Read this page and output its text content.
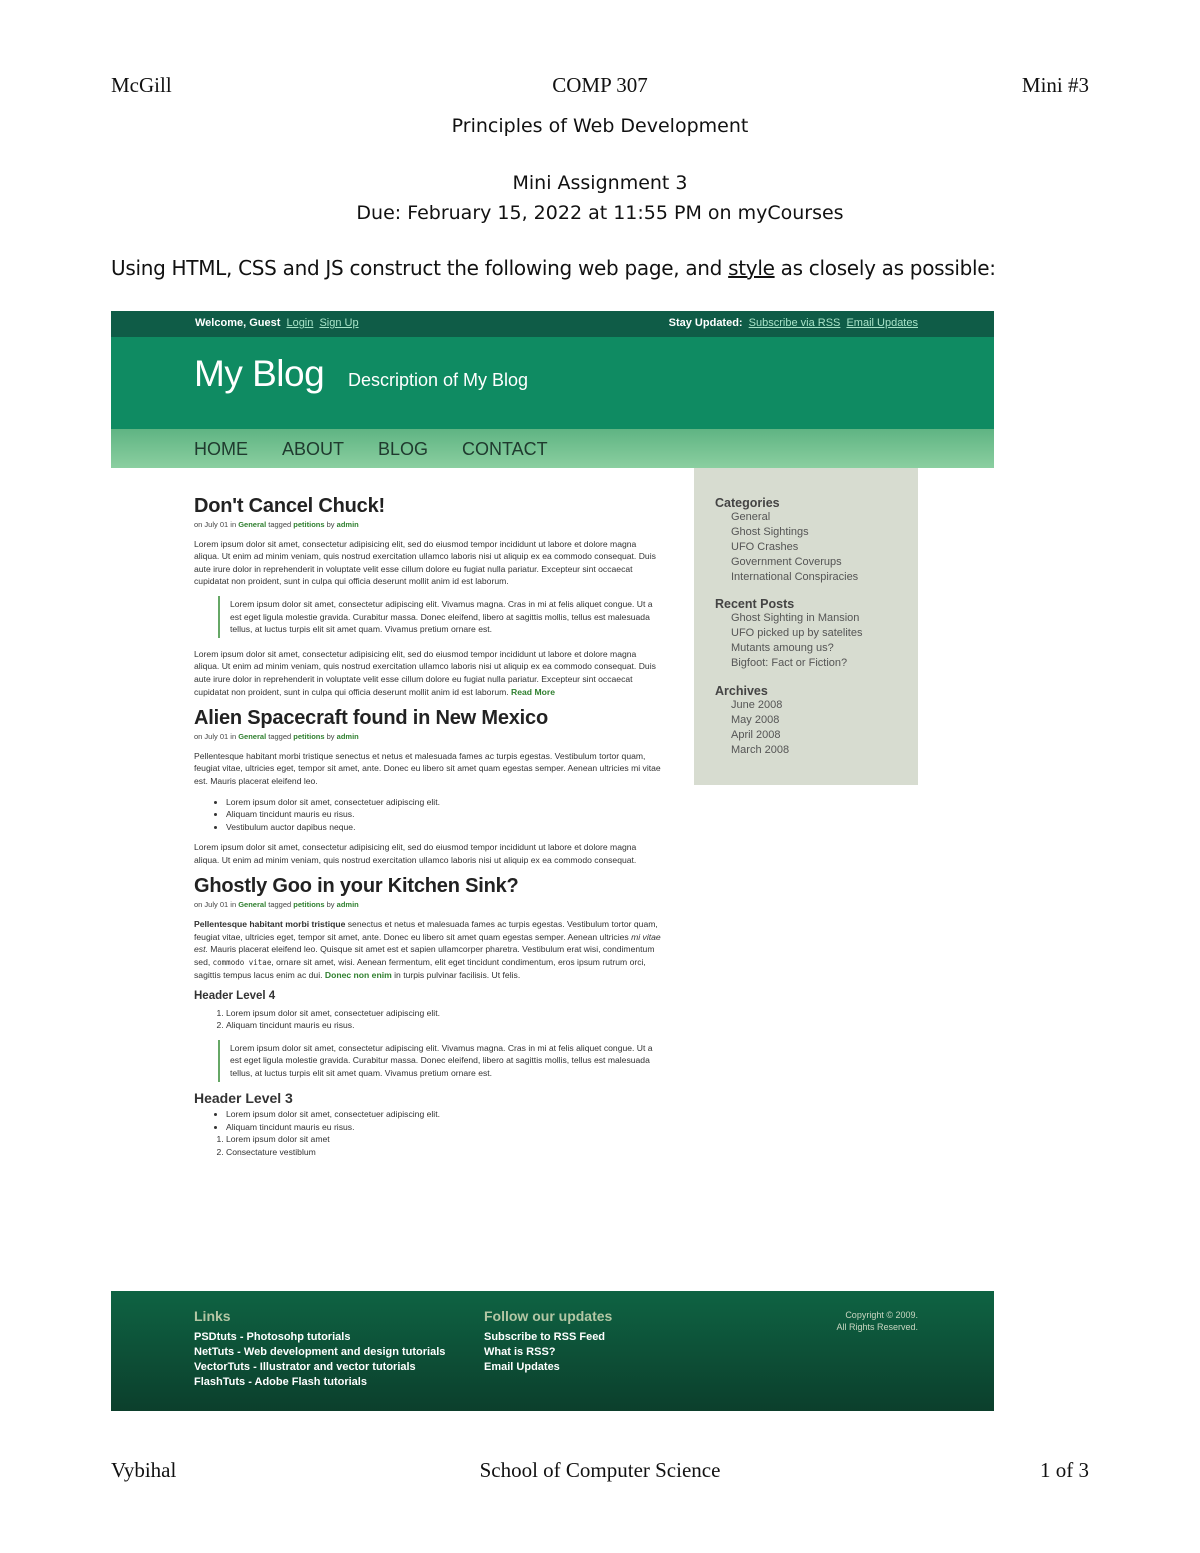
McGill	COMP 307	Mini #3
Principles of Web Development
Mini Assignment 3
Due: February 15, 2022 at 11:55 PM on myCourses
Using HTML, CSS and JS construct the following web page, and style as closely as possible:
Welcome, Guest Login Sign Up	Stay Updated: Subscribe via RSS Email Updates
My Blog Description of My Blog
HOME ABOUT BLOG CONTACT
Don't Cancel Chuck!
on July 01 in General tagged petitions by admin

Lorem ipsum dolor sit amet, consectetur adipisicing elit, sed do eiusmod tempor incididunt ut labore et dolore magna aliqua. Ut enim ad minim veniam, quis nostrud exercitation ullamco laboris nisi ut aliquip ex ea commodo consequat. Duis aute irure dolor in reprehenderit in voluptate velit esse cillum dolore eu fugiat nulla pariatur. Excepteur sint occaecat cupidatat non proident, sunt in culpa qui officia deserunt mollit anim id est laborum.

Lorem ipsum dolor sit amet, consectetur adipiscing elit. Vivamus magna. Cras in mi at felis aliquet congue. Ut a est eget ligula molestie gravida. Curabitur massa. Donec eleifend, libero at sagittis mollis, tellus est malesuada tellus, at luctus turpis elit sit amet quam. Vivamus pretium ornare est.

Lorem ipsum dolor sit amet, consectetur adipisicing elit, sed do eiusmod tempor incididunt ut labore et dolore magna aliqua. Ut enim ad minim veniam, quis nostrud exercitation ullamco laboris nisi ut aliquip ex ea commodo consequat. Duis aute irure dolor in reprehenderit in voluptate velit esse cillum dolore eu fugiat nulla pariatur. Excepteur sint occaecat cupidatat non proident, sunt in culpa qui officia deserunt mollit anim id est laborum. Read More

Alien Spacecraft found in New Mexico
on July 01 in General tagged petitions by admin

Pellentesque habitant morbi tristique senectus et netus et malesuada fames ac turpis egestas. Vestibulum tortor quam, feugiat vitae, ultricies eget, tempor sit amet, ante. Donec eu libero sit amet quam egestas semper. Aenean ultricies mi vitae est. Mauris placerat eleifend leo.

• Lorem ipsum dolor sit amet, consectetuer adipiscing elit.
• Aliquam tincidunt mauris eu risus.
• Vestibulum auctor dapibus neque.

Lorem ipsum dolor sit amet, consectetur adipisicing elit, sed do eiusmod tempor incididunt ut labore et dolore magna aliqua. Ut enim ad minim veniam, quis nostrud exercitation ullamco laboris nisi ut aliquip ex ea commodo consequat.

Ghostly Goo in your Kitchen Sink?
on July 01 in General tagged petitions by admin

Pellentesque habitant morbi tristique senectus et netus et malesuada fames ac turpis egestas. Vestibulum tortor quam, feugiat vitae, ultricies eget, tempor sit amet, ante. Donec eu libero sit amet quam egestas semper. Aenean ultricies mi vitae est. Mauris placerat eleifend leo. Quisque sit amet est et sapien ullamcorper pharetra. Vestibulum erat wisi, condimentum sed, commodo vitae, ornare sit amet, wisi. Aenean fermentum, elit eget tincidunt condimentum, eros ipsum rutrum orci, sagittis tempus lacus enim ac dui. Donec non enim in turpis pulvinar facilisis. Ut felis.

Header Level 4
1. Lorem ipsum dolor sit amet, consectetuer adipiscing elit.
2. Aliquam tincidunt mauris eu risus.
Lorem ipsum dolor sit amet, consectetur adipiscing elit. Vivamus magna. Cras in mi at felis aliquet congue. Ut a est eget ligula molestie gravida. Curabitur massa. Donec eleifend, libero at sagittis mollis, tellus est malesuada tellus, at luctus turpis elit sit amet quam. Vivamus pretium ornare est.
Header Level 3
• Lorem ipsum dolor sit amet, consectetuer adipiscing elit.
• Aliquam tincidunt mauris eu risus.
1. Lorem ipsum dolor sit amet
2. Consectature vestiblum
Categories
General
Ghost Sightings
UFO Crashes
Government Coverups
International Conspiracies
Recent Posts
Ghost Sighting in Mansion
UFO picked up by satelites
Mutants amoung us?
Bigfoot: Fact or Fiction?
Archives
June 2008
May 2008
April 2008
March 2008
Links
PSDtuts - Photosohp tutorials
NetTuts - Web development and design tutorials
VectorTuts - Illustrator and vector tutorials
FlashTuts - Adobe Flash tutorials
Follow our updates
Subscribe to RSS Feed
What is RSS?
Email Updates
Copyright © 2009.
All Rights Reserved.
Vybihal	School of Computer Science	1 of 3
